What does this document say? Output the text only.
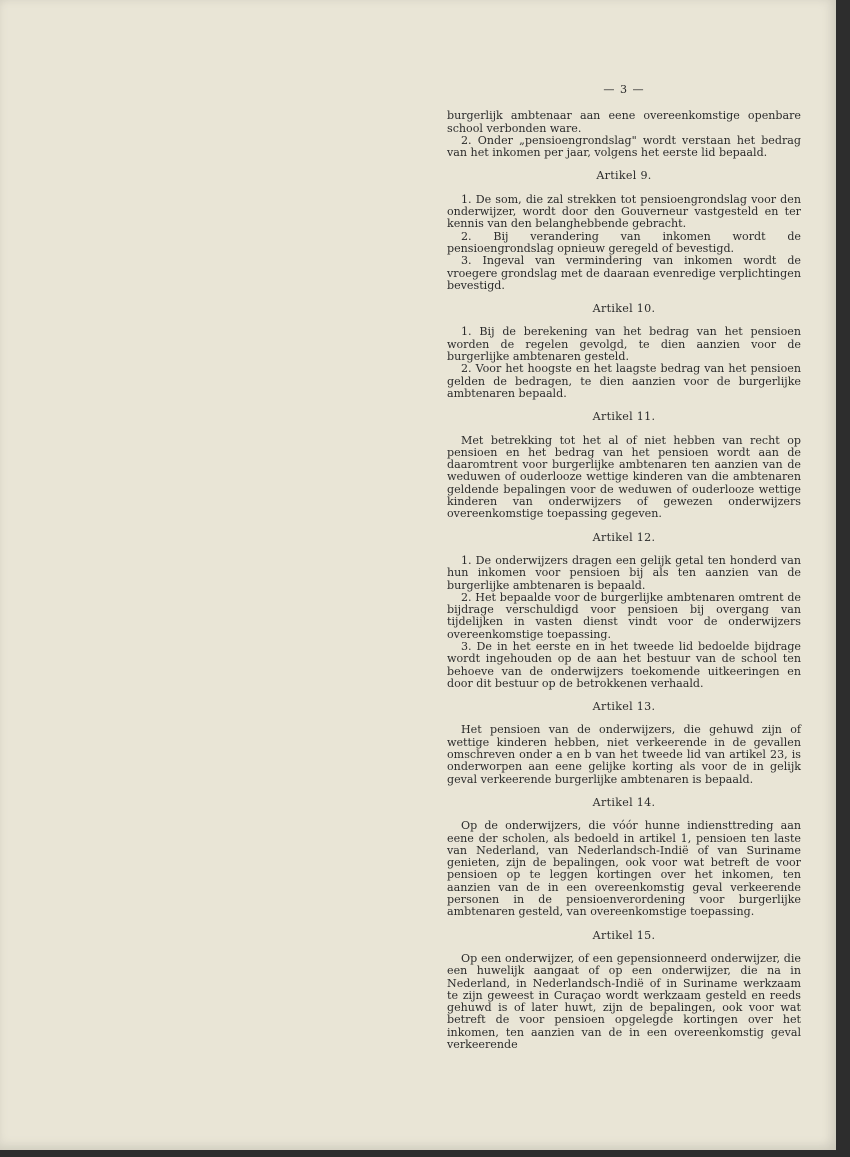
— 3 —

burgerlijk ambtenaar aan eene overeenkomstige openbare school verbonden ware.

2. Onder „pensioengrondslag" wordt verstaan het bedrag van het inkomen per jaar, volgens het eerste lid bepaald.

Artikel 9.

1. De som, die zal strekken tot pensioengrondslag voor den onderwijzer, wordt door den Gouverneur vastgesteld en ter kennis van den belanghebbende gebracht.

2. Bij verandering van inkomen wordt de pensioengrondslag opnieuw geregeld of bevestigd.

3. Ingeval van vermindering van inkomen wordt de vroegere grondslag met de daaraan evenredige verplichtingen bevestigd.

Artikel 10.

1. Bij de berekening van het bedrag van het pensioen worden de regelen gevolgd, te dien aanzien voor de burgerlijke ambtenaren gesteld.

2. Voor het hoogste en het laagste bedrag van het pensioen gelden de bedragen, te dien aanzien voor de burgerlijke ambtenaren bepaald.

Artikel 11.

Met betrekking tot het al of niet hebben van recht op pensioen en het bedrag van het pensioen wordt aan de daaromtrent voor burgerlijke ambtenaren ten aanzien van de weduwen of ouderlooze wettige kinderen van die ambtenaren geldende bepalingen voor de weduwen of ouderlooze wettige kinderen van onderwijzers of gewezen onderwijzers overeenkomstige toepassing gegeven.

Artikel 12.

1. De onderwijzers dragen een gelijk getal ten honderd van hun inkomen voor pensioen bij als ten aanzien van de burgerlijke ambtenaren is bepaald.

2. Het bepaalde voor de burgerlijke ambtenaren omtrent de bijdrage verschuldigd voor pensioen bij overgang van tijdelijken in vasten dienst vindt voor de onderwijzers overeenkomstige toepassing.

3. De in het eerste en in het tweede lid bedoelde bijdrage wordt ingehouden op de aan het bestuur van de school ten behoeve van de onderwijzers toekomende uitkeeringen en door dit bestuur op de betrokkenen verhaald.

Artikel 13.

Het pensioen van de onderwijzers, die gehuwd zijn of wettige kinderen hebben, niet verkeerende in de gevallen omschreven onder a en b van het tweede lid van artikel 23, is onderworpen aan eene gelijke korting als voor de in gelijk geval verkeerende burgerlijke ambtenaren is bepaald.

Artikel 14.

Op de onderwijzers, die vóór hunne indiensttreding aan eene der scholen, als bedoeld in artikel 1, pensioen ten laste van Nederland, van Nederlandsch-Indië of van Suriname genieten, zijn de bepalingen, ook voor wat betreft de voor pensioen op te leggen kortingen over het inkomen, ten aanzien van de in een overeenkomstig geval verkeerende personen in de pensioenverordening voor burgerlijke ambtenaren gesteld, van overeenkomstige toepassing.

Artikel 15.

Op een onderwijzer, of een gepensionneerd onderwijzer, die een huwelijk aangaat of op een onderwijzer, die na in Nederland, in Nederlandsch-Indië of in Suriname werkzaam te zijn geweest in Curaçao wordt werkzaam gesteld en reeds gehuwd is of later huwt, zijn de bepalingen, ook voor wat betreft de voor pensioen opgelegde kortingen over het inkomen, ten aanzien van de in een overeenkomstig geval verkeerende
